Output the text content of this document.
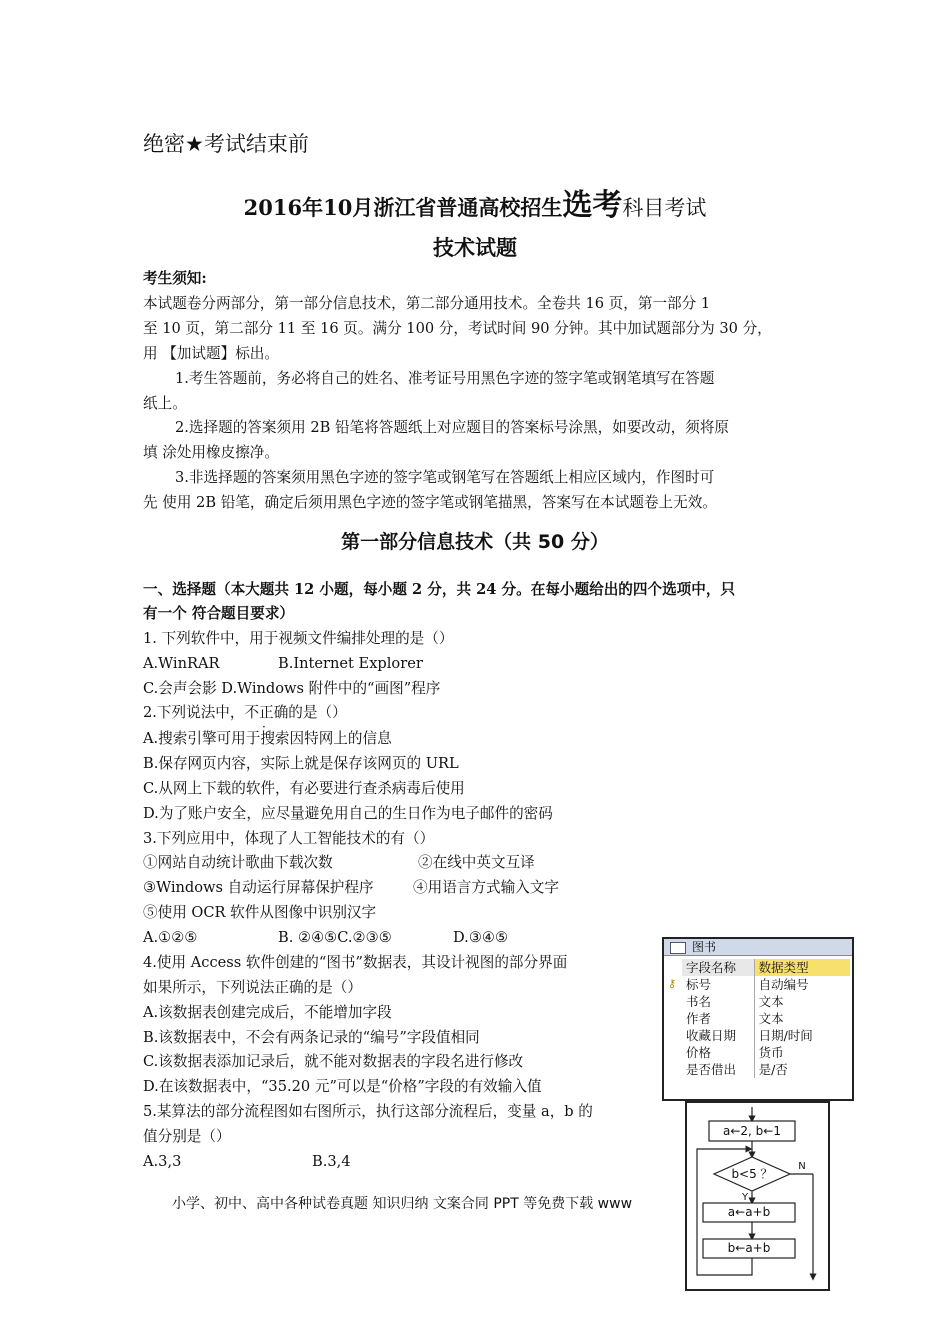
绝密★考试结束前
2016年10月浙江省普通高校招生选考科目考试
技术试题
考生须知:
本试题卷分两部分，第一部分信息技术，第二部分通用技术。全卷共 16 页，第一部分 1
至 10 页，第二部分 11 至 16 页。满分 100 分，考试时间 90 分钟。其中加试题部分为 30 分，
用 【加试题】标出。
1.考生答题前，务必将自己的姓名、准考证号用黑色字迹的签字笔或钢笔填写在答题
纸上。
2.选择题的答案须用 2B 铅笔将答题纸上对应题目的答案标号涂黑，如要改动，须将原
填 涂处用橡皮擦净。
3.非选择题的答案须用黑色字迹的签字笔或钢笔写在答题纸上相应区域内，作图时可
先 使用 2B 铅笔，确定后须用黑色字迹的签字笔或钢笔描黑，答案写在本试题卷上无效。
第一部分信息技术（共 50 分）
一、选择题（本大题共 12 小题，每小题 2 分，共 24 分。在每小题给出的四个选项中，只
有一个 符合题目要求）
1. 下列软件中，用于视频文件编排处理的是（）
A.WinRAR	B.Internet Explorer
C.会声会影 D.Windows 附件中的“画图”程序
2.下列说法中，不正确的是（）
A.搜索引擎可用于搜索因特网上的信息
B.保存网页内容，实际上就是保存该网页的 URL
C.从网上下载的软件，有必要进行查杀病毒后使用
D.为了账户安全，应尽量避免用自己的生日作为电子邮件的密码
3.下列应用中，体现了人工智能技术的有（）
①网站自动统计歌曲下载次数	②在线中英文互译
③Windows 自动运行屏幕保护程序	④用语言方式输入文字
⑤使用 OCR 软件从图像中识别汉字
A.①②⑤	B. ②④⑤C.②③⑤	D.③④⑤
4.使用 Access 软件创建的“图书”数据表，其设计视图的部分界面
如果所示，下列说法正确的是（）
A.该数据表创建完成后，不能增加字段
B.该数据表中，不会有两条记录的“编号”字段值相同
C.该数据表添加记录后，就不能对数据表的字段名进行修改
D.在该数据表中，“35.20 元”可以是“价格”字段的有效输入值
5.某算法的部分流程图如右图所示，执行这部分流程后，变量 a，b 的
值分别是（）
A.3,3	B.3,4
小学、初中、高中各种试卷真题 知识归纳 文案合同 PPT 等免费下载 www
图书
⚷
字段名称	数据类型
标号	自动编号
书名	文本
作者	文本
收藏日期	日期/时间
价格	货币
是否借出	是/否
a←2, b←1
b<5 ？
N
Y
a←a+b
b←a+b
